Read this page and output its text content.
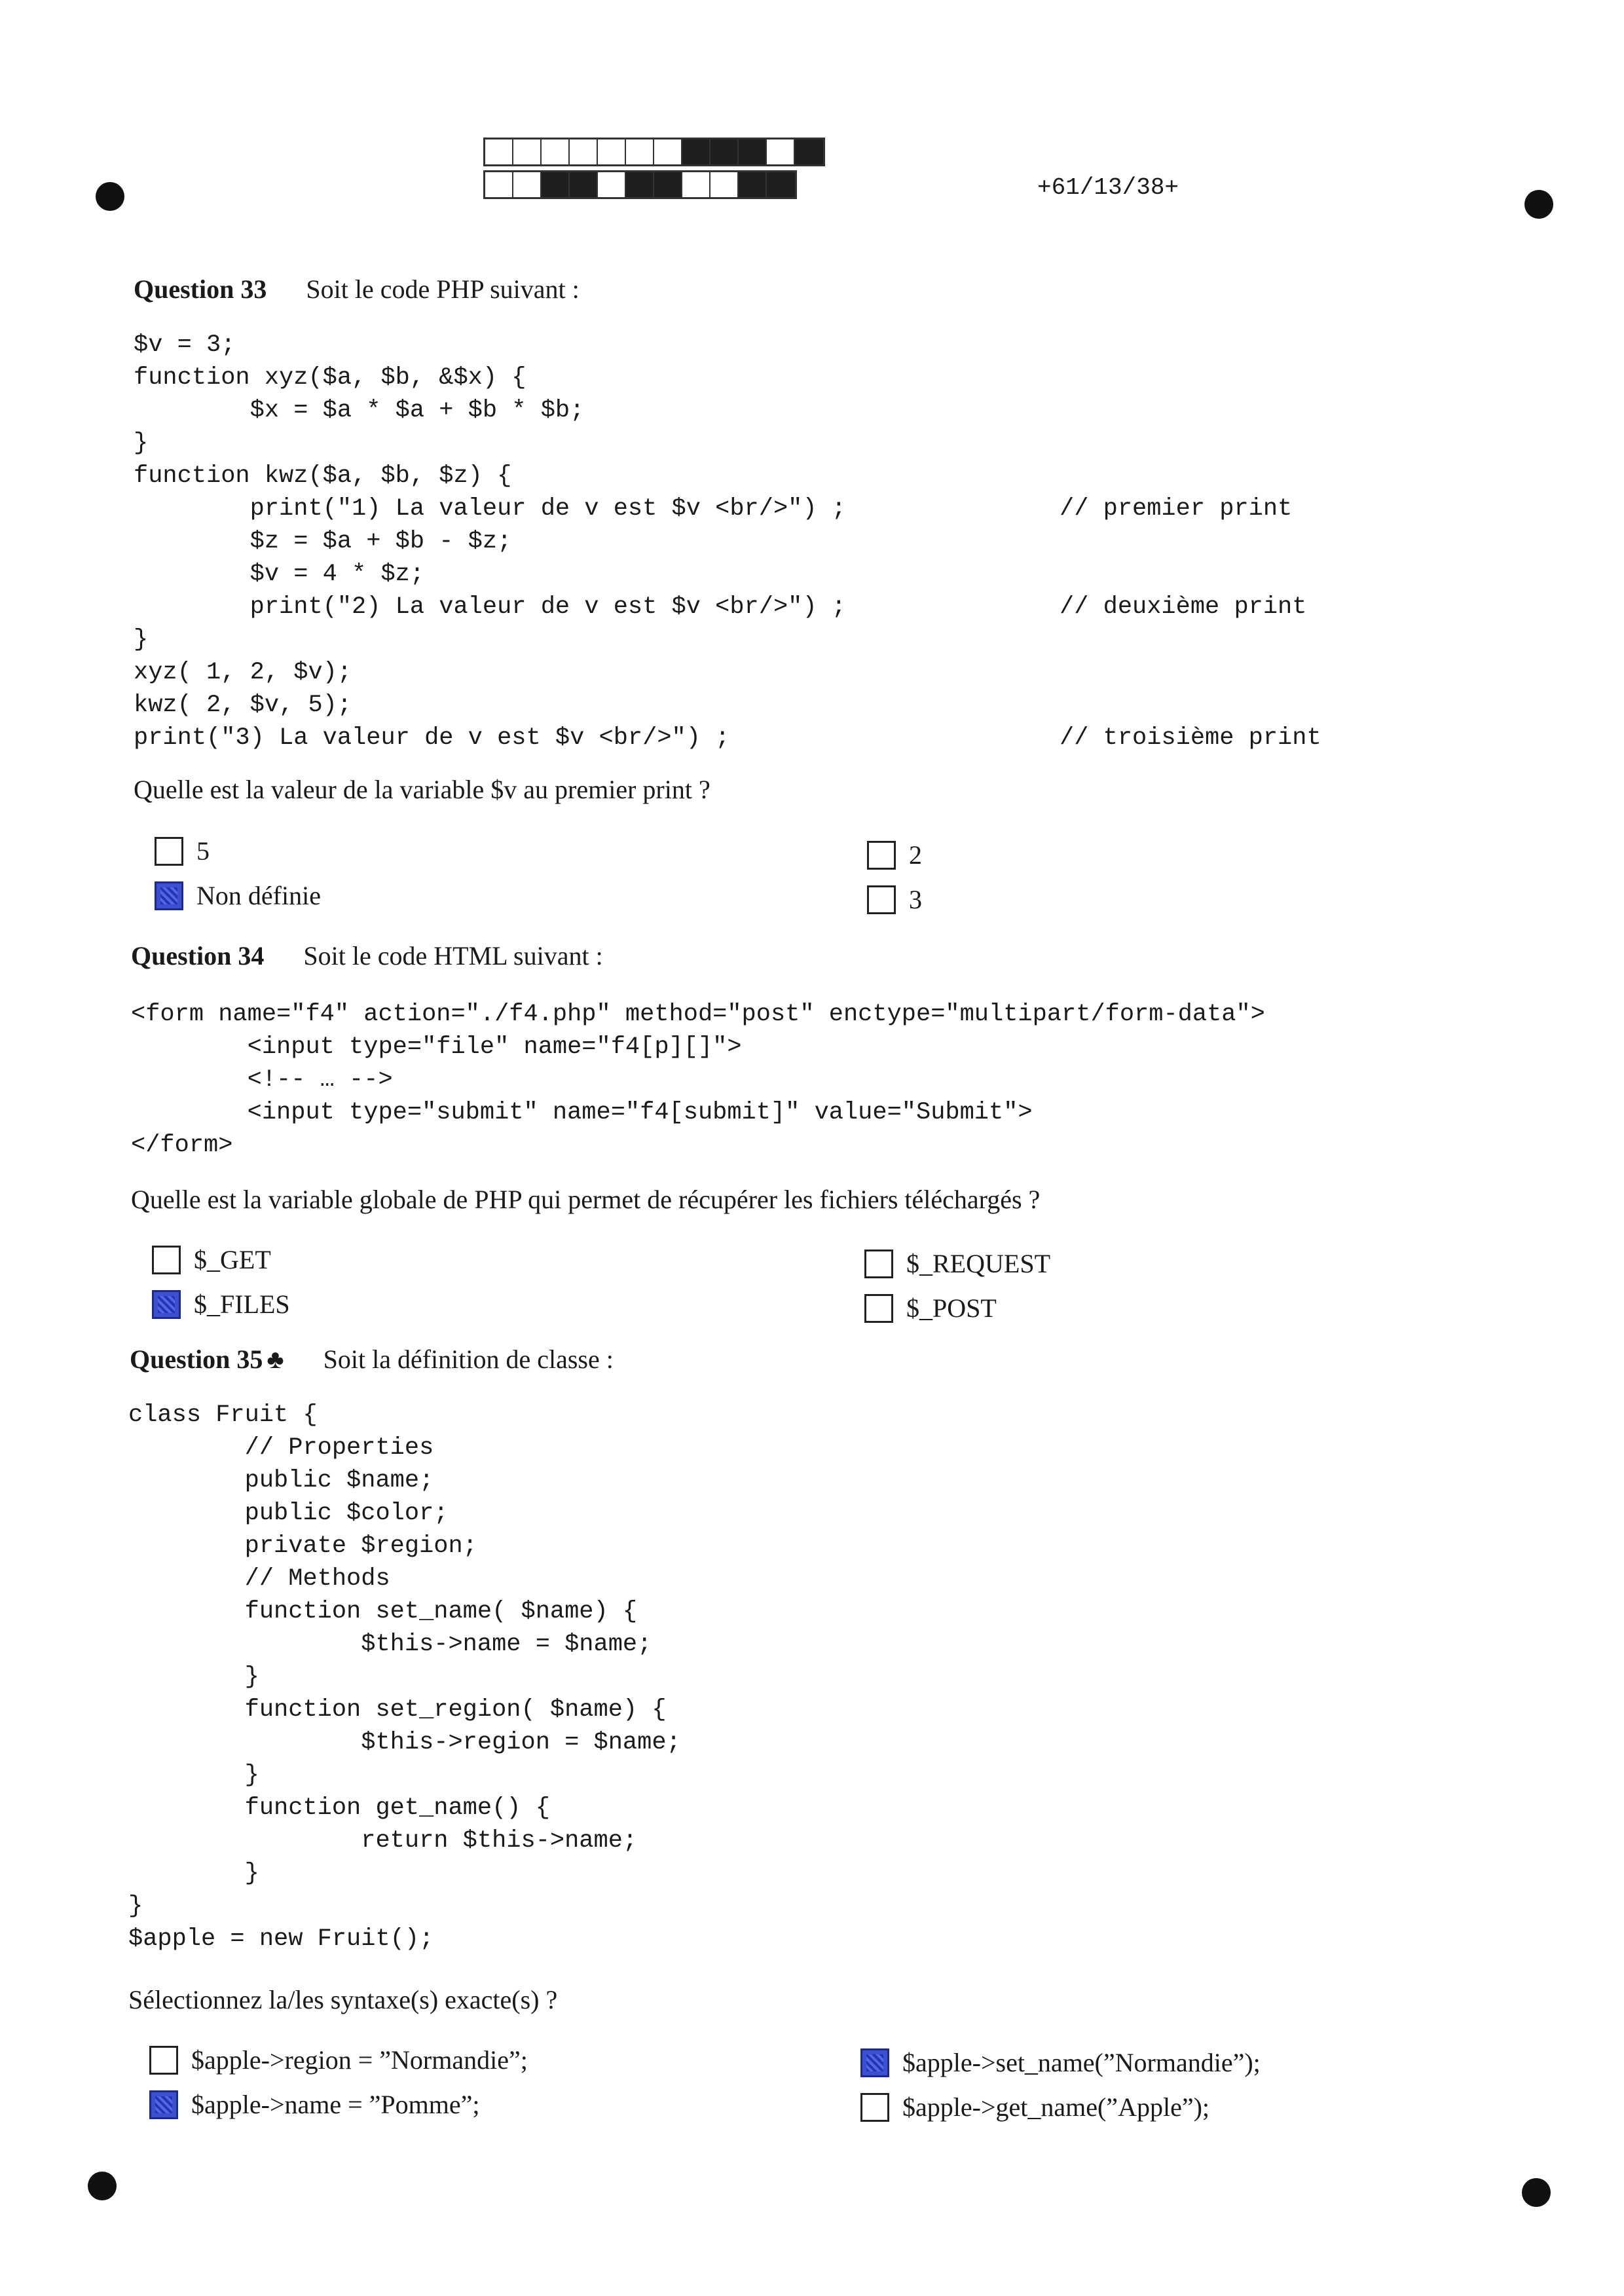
+61/13/38+
Question 33 Soit le code PHP suivant :
$v = 3;
function xyz($a, $b, &$x) {
$x = $a * $a + $b * $b;
}
function kwz($a, $b, $z) {
print("1) La valeur de v est $v <br/>") ;
$z = $a + $b - $z;
$v = 4 * $z;
print("2) La valeur de v est $v <br/>") ;
}
xyz( 1, 2, $v);
kwz( 2, $v, 5);
print("3) La valeur de v est $v <br/>") ;
// premier print
// deuxième print
// troisième print
Quelle est la valeur de la variable $v au premier print ?
5
Non définie
2
3
Question 34 Soit le code HTML suivant :
<form name="f4" action="./f4.php" method="post" enctype="multipart/form-data">
<input type="file" name="f4[p][]">
<!-- … -->
<input type="submit" name="f4[submit]" value="Submit">
</form>
Quelle est la variable globale de PHP qui permet de récupérer les fichiers téléchargés ?
$_GET
$_FILES
$_REQUEST
$_POST
Question 35 ♣ Soit la définition de classe :
class Fruit {
// Properties
public $name;
public $color;
private $region;
// Methods
function set_name( $name) {
$this->name = $name;
}
function set_region( $name) {
$this->region = $name;
}
function get_name() {
return $this->name;
}
}
$apple = new Fruit();
Sélectionnez la/les syntaxe(s) exacte(s) ?
$apple->region = ”Normandie”;
$apple->name = ”Pomme”;
$apple->set_name(”Normandie”);
$apple->get_name(”Apple”);
